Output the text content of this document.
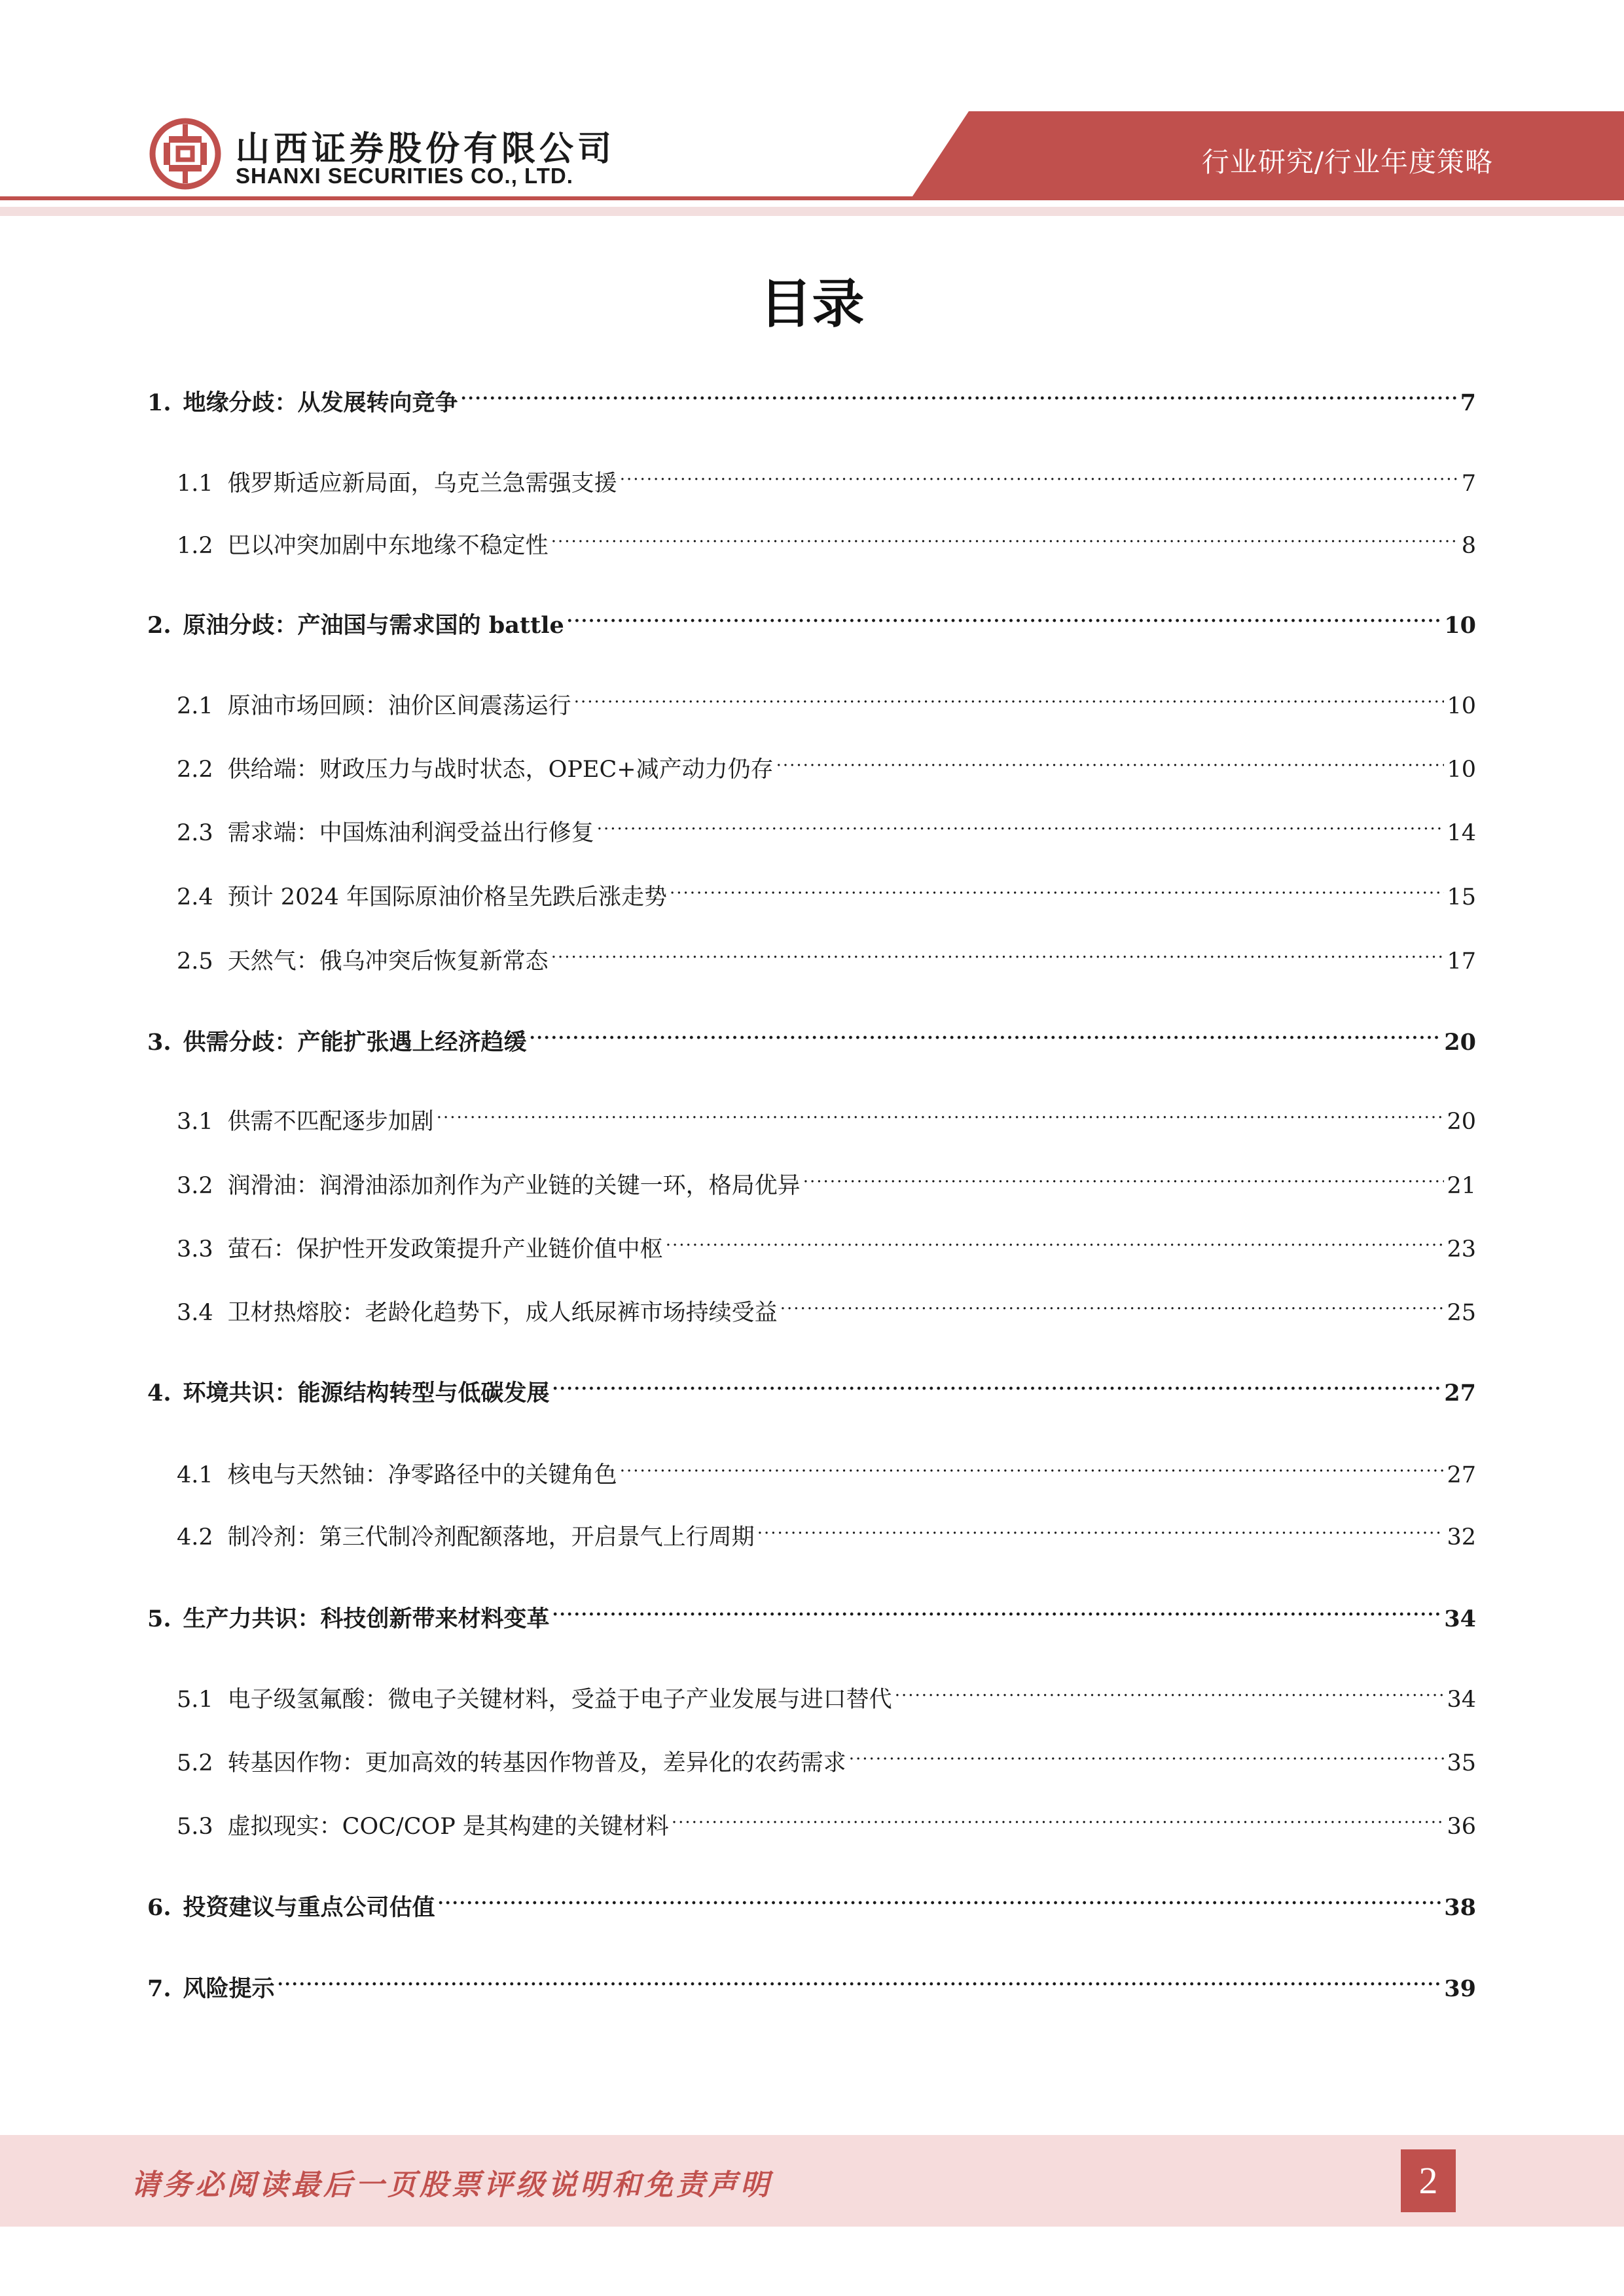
山西证券股份有限公司
SHANXI SECURITIES CO., LTD.	行业研究/行业年度策略
目录
1. 地缘分歧：从发展转向竞争 .....	7
1.1 俄罗斯适应新局面，乌克兰急需强支援 .....	7
1.2 巴以冲突加剧中东地缘不稳定性 .....	8
2. 原油分歧：产油国与需求国的 battle .....	10
2.1 原油市场回顾：油价区间震荡运行 .....	10
2.2 供给端：财政压力与战时状态，OPEC+减产动力仍存 .....	10
2.3 需求端：中国炼油利润受益出行修复 .....	14
2.4 预计 2024 年国际原油价格呈先跌后涨走势 .....	15
2.5 天然气：俄乌冲突后恢复新常态 .....	17
3. 供需分歧：产能扩张遇上经济趋缓 .....	20
3.1 供需不匹配逐步加剧 .....	20
3.2 润滑油：润滑油添加剂作为产业链的关键一环，格局优异 .....	21
3.3 萤石：保护性开发政策提升产业链价值中枢 .....	23
3.4 卫材热熔胶：老龄化趋势下，成人纸尿裤市场持续受益 .....	25
4. 环境共识：能源结构转型与低碳发展 .....	27
4.1 核电与天然铀：净零路径中的关键角色 .....	27
4.2 制冷剂：第三代制冷剂配额落地，开启景气上行周期 .....	32
5. 生产力共识：科技创新带来材料变革 .....	34
5.1 电子级氢氟酸：微电子关键材料，受益于电子产业发展与进口替代 .....	34
5.2 转基因作物：更加高效的转基因作物普及，差异化的农药需求 .....	35
5.3 虚拟现实：COC/COP 是其构建的关键材料 .....	36
6. 投资建议与重点公司估值 .....	38
7. 风险提示 .....	39
请务必阅读最后一页股票评级说明和免责声明	2
